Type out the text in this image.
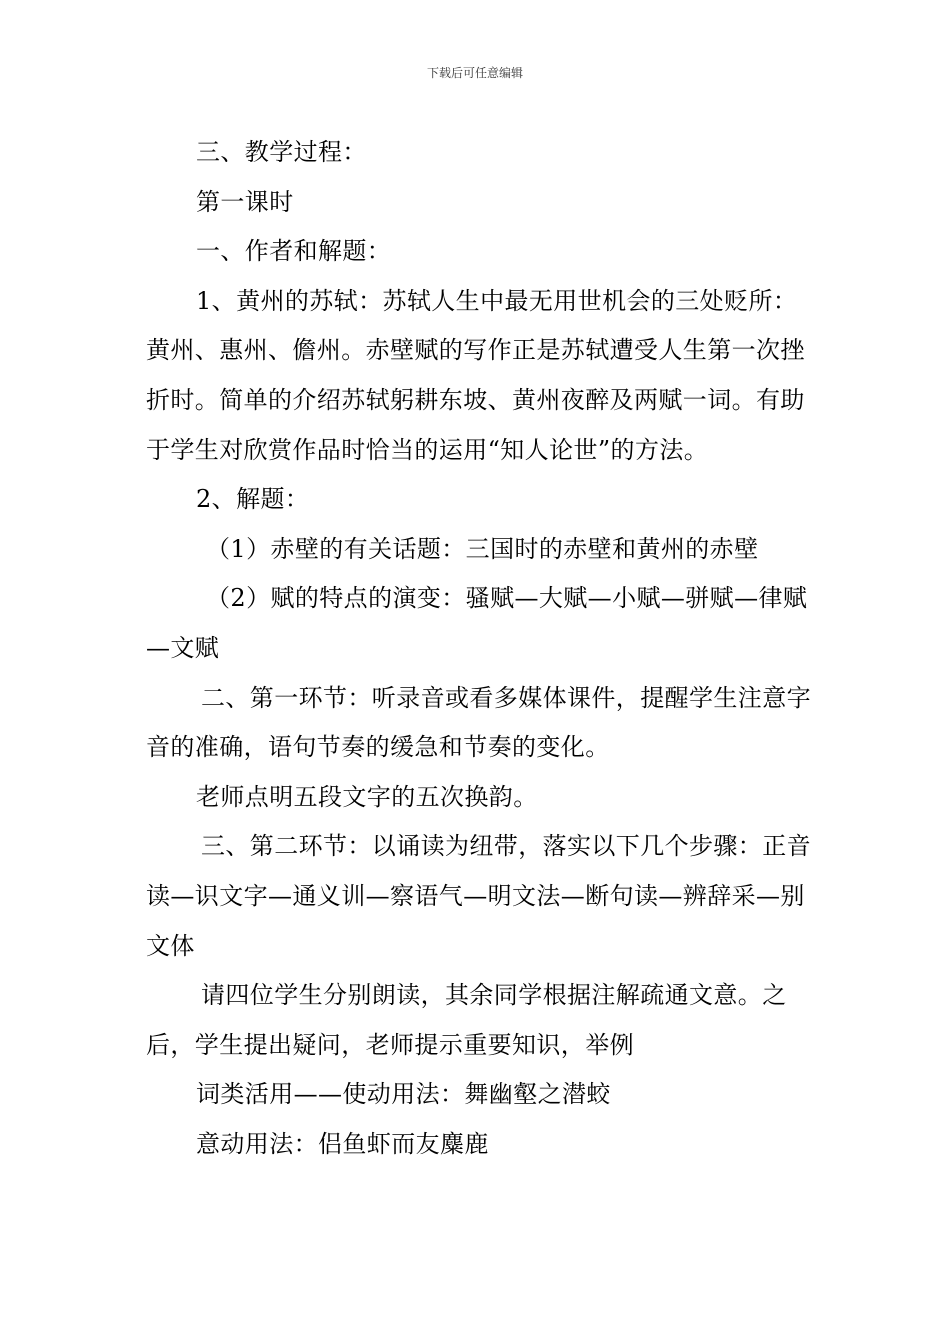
下载后可任意编辑

三、教学过程：

第一课时

一、作者和解题：

1、黄州的苏轼：苏轼人生中最无用世机会的三处贬所：黄州、惠州、儋州。赤壁赋的写作正是苏轼遭受人生第一次挫折时。简单的介绍苏轼躬耕东坡、黄州夜醉及两赋一词。有助于学生对欣赏作品时恰当的运用“知人论世”的方法。

2、解题：

（1）赤壁的有关话题：三国时的赤壁和黄州的赤壁

（2）赋的特点的演变：骚赋—大赋—小赋—骈赋—律赋—文赋

二、第一环节：听录音或看多媒体课件，提醒学生注意字音的准确，语句节奏的缓急和节奏的变化。

老师点明五段文字的五次换韵。

三、第二环节：以诵读为纽带，落实以下几个步骤：正音读—识文字—通义训—察语气—明文法—断句读—辨辞采—别文体

请四位学生分别朗读，其余同学根据注解疏通文意。之后，学生提出疑问，老师提示重要知识，举例

词类活用——使动用法：舞幽壑之潜蛟

意动用法：侣鱼虾而友麋鹿
